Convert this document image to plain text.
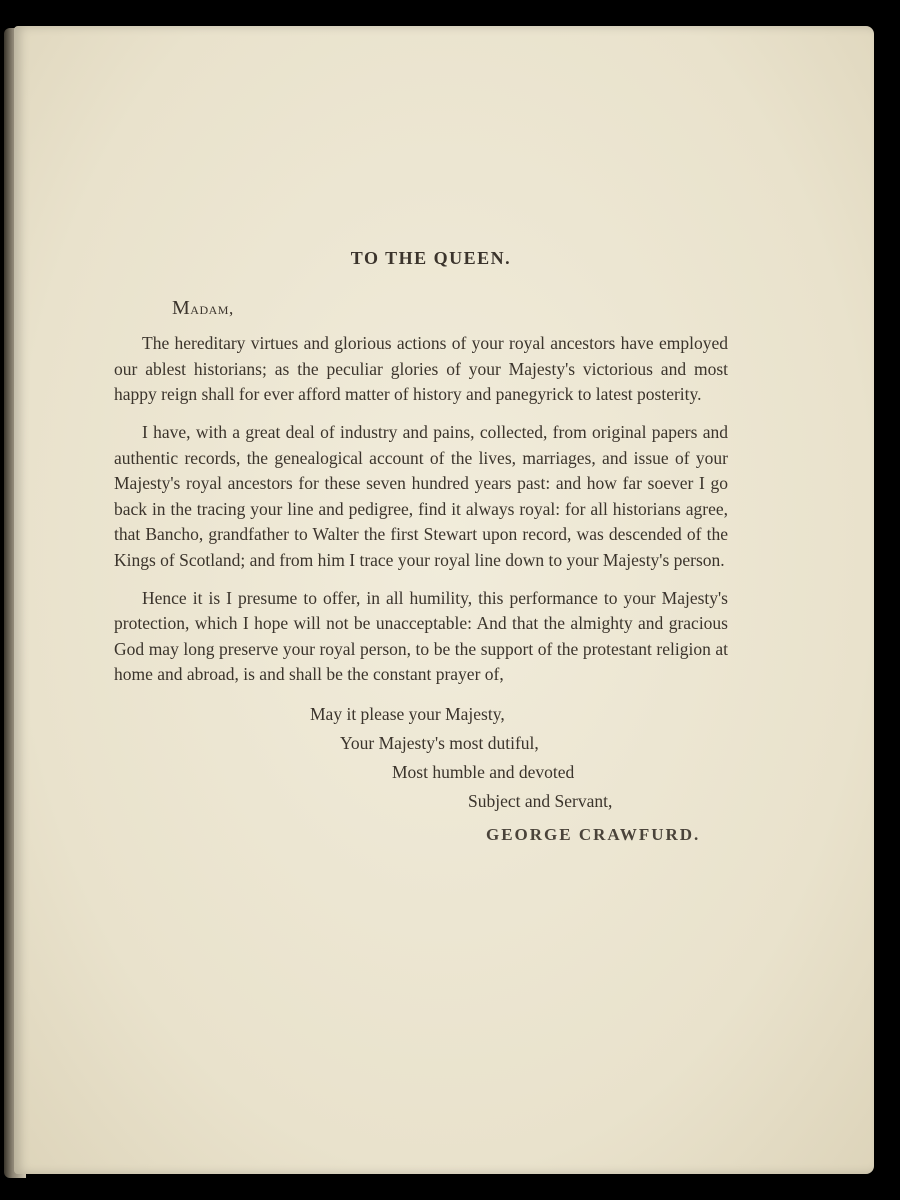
TO THE QUEEN.
Madam,

The hereditary virtues and glorious actions of your royal ancestors have employed our ablest historians; as the peculiar glories of your Majesty's victorious and most happy reign shall for ever afford matter of history and panegyrick to latest posterity.

I have, with a great deal of industry and pains, collected, from original papers and authentic records, the genealogical account of the lives, marriages, and issue of your Majesty's royal ancestors for these seven hundred years past: and how far soever I go back in the tracing your line and pedigree, find it always royal: for all historians agree, that Bancho, grandfather to Walter the first Stewart upon record, was descended of the Kings of Scotland; and from him I trace your royal line down to your Majesty's person.

Hence it is I presume to offer, in all humility, this performance to your Majesty's protection, which I hope will not be unacceptable: And that the almighty and gracious God may long preserve your royal person, to be the support of the protestant religion at home and abroad, is and shall be the constant prayer of,

May it please your Majesty,
Your Majesty's most dutiful,
Most humble and devoted
Subject and Servant,
GEORGE CRAWFURD.
